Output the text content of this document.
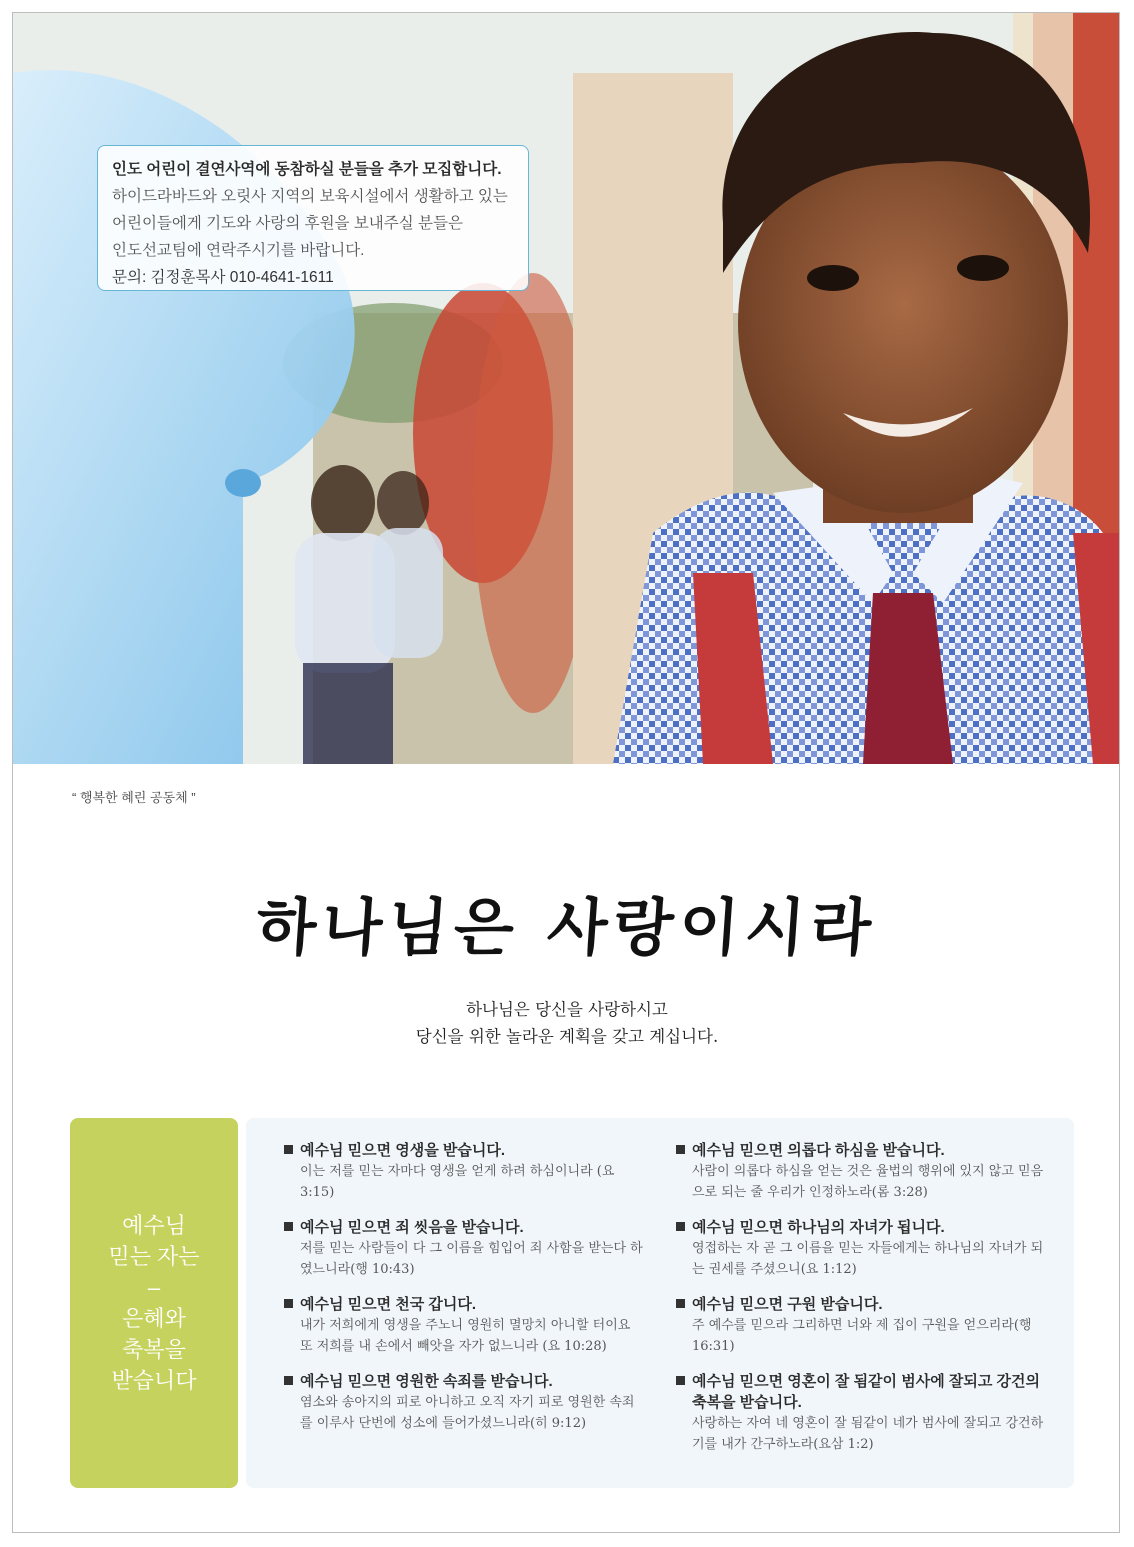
인도 어린이 결연사역에 동참하실 분들을 추가 모집합니다.
하이드라바드와 오릿사 지역의 보육시설에서 생활하고 있는
어린이들에게 기도와 사랑의 후원을 보내주실 분들은
인도선교팀에 연락주시기를 바랍니다.
문의: 김정훈목사 010-4641-1611
“ 행복한 혜린 공동체 ”
하나님은 사랑이시라
하나님은 당신을 사랑하시고
당신을 위한 놀라운 계획을 갖고 계십니다.
예수님
믿는 자는
–
은혜와
축복을
받습니다
예수님 믿으면 영생을 받습니다.
이는 저를 믿는 자마다 영생을 얻게 하려 하심이니라 (요 3:15)
예수님 믿으면 죄 씻음을 받습니다.
저를 믿는 사람들이 다 그 이름을 힘입어 죄 사함을 받는다 하였느니라(행 10:43)
예수님 믿으면 천국 갑니다.
내가 저희에게 영생을 주노니 영원히 멸망치 아니할 터이요 또 저희를 내 손에서 빼앗을 자가 없느니라 (요 10:28)
예수님 믿으면 영원한 속죄를 받습니다.
염소와 송아지의 피로 아니하고 오직 자기 피로 영원한 속죄를 이루사 단번에 성소에 들어가셨느니라(히 9:12)
예수님 믿으면 의롭다 하심을 받습니다.
사람이 의롭다 하심을 얻는 것은 율법의 행위에 있지 않고 믿음으로 되는 줄 우리가 인정하노라(롬 3:28)
예수님 믿으면 하나님의 자녀가 됩니다.
영접하는 자 곧 그 이름을 믿는 자들에게는 하나님의 자녀가 되는 권세를 주셨으니(요 1:12)
예수님 믿으면 구원 받습니다.
주 예수를 믿으라 그리하면 너와 제 집이 구원을 얻으리라(행 16:31)
예수님 믿으면 영혼이 잘 됨같이 범사에 잘되고 강건의 축복을 받습니다.
사랑하는 자여 네 영혼이 잘 됨같이 네가 범사에 잘되고 강건하기를 내가 간구하노라(요삼 1:2)
